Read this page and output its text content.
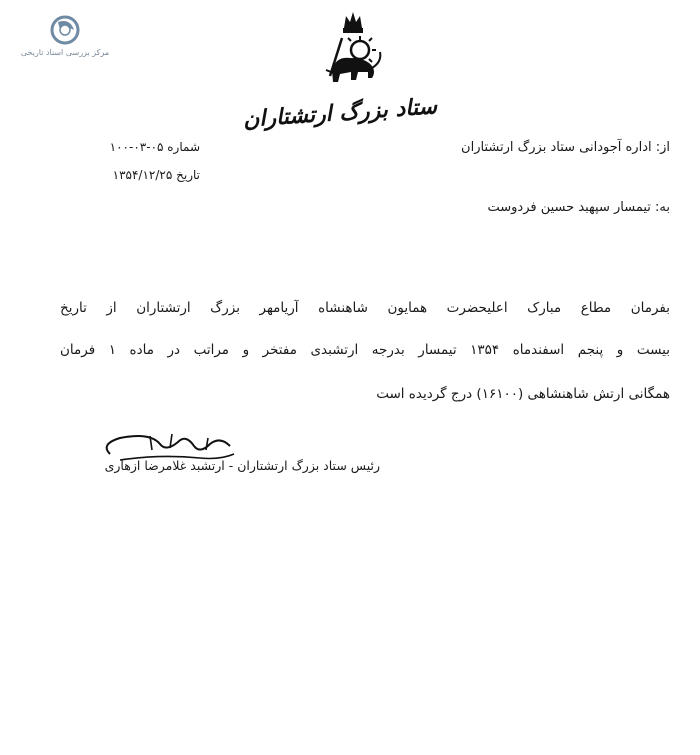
مرکز بررسی اسناد تاریخی
ستاد بزرگ ارتشتاران
شماره ۰۵-۰۳-۱۰۰
تاریخ ۱۳۵۴/۱۲/۲۵
از: اداره آجودانی ستاد بزرگ ارتشتاران
به: تیمسار سپهبد حسین فردوست
بفرمان مطاع مبارک اعلیحضرت همایون شاهنشاه آریامهر بزرگ ارتشتاران از تاریخ
بیست و پنجم اسفندماه ۱۳۵۴ تیمسار بدرجه ارتشبدی مفتخر و مراتب در ماده ۱ فرمان
همگانی ارتش شاهنشاهی (۱۶۱۰۰) درج گردیده است
رئیس ستاد بزرگ ارتشتاران - ارتشبد غلامرضا ازهاری
